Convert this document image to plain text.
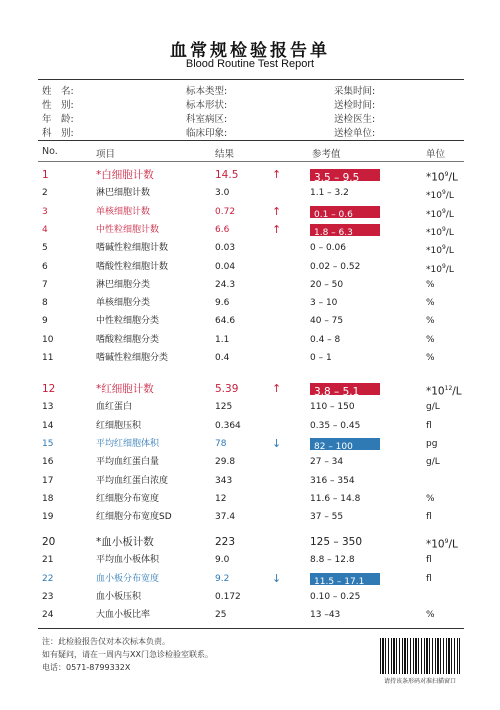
血常规检验报告单
Blood Routine Test Report
姓　名:
性　别:
年　龄:
科　别:
标本类型:
标本形状:
科室病区:
临床印象:
采集时间:
送检时间:
送检医生:
送检单位:
No.	项目	结果	参考值	单位
1	*白细胞计数	14.5	↑	3.5 – 9.5	$*10^9/L$
2	淋巴细胞计数	3.0	1.1 – 3.2	$*10^9/L$
3	单核细胞计数	0.72	↑	0.1 – 0.6	$*10^9/L$
4	中性粒细胞计数	6.6	↑	1.8 – 6.3	$*10^9/L$
5	嗜碱性粒细胞计数	0.03	0 – 0.06	$*10^9/L$
6	嗜酸性粒细胞计数	0.04	0.02 – 0.52	$*10^9/L$
7	淋巴细胞分类	24.3	20 – 50	%
8	单核细胞分类	9.6	3 – 10	%
9	中性粒细胞分类	64.6	40 – 75	%
10	嗜酸粒细胞分类	1.1	0.4 – 8	%
11	嗜碱性粒细胞分类	0.4	0 – 1	%
12	*红细胞计数	5.39	↑	3.8 – 5.1	$*10^{12}/L$
13	血红蛋白	125	110 – 150	g/L
14	红细胞压积	0.364	0.35 – 0.45	fl
15	平均红细胞体积	78	↓	82 – 100	pg
16	平均血红蛋白量	29.8	27 – 34	g/L
17	平均血红蛋白浓度	343	316 – 354
18	红细胞分布宽度	12	11.6 – 14.8	%
19	红细胞分布宽度SD	37.4	37 – 55	fl
20	*血小板计数	223	125 – 350	$*10^9/L$
21	平均血小板体积	9.0	8.8 – 12.8	fl
22	血小板分布宽度	9.2	↓	11.5 – 17.1	fl
23	血小板压积	0.172	0.10 – 0.25
24	大血小板比率	25	13 –43	%
注：此检验报告仅对本次标本负责。
如有疑问，请在一周内与XX门急诊检验室联系。
电话：0571-8799332X
请持该条形码对准扫描窗口
